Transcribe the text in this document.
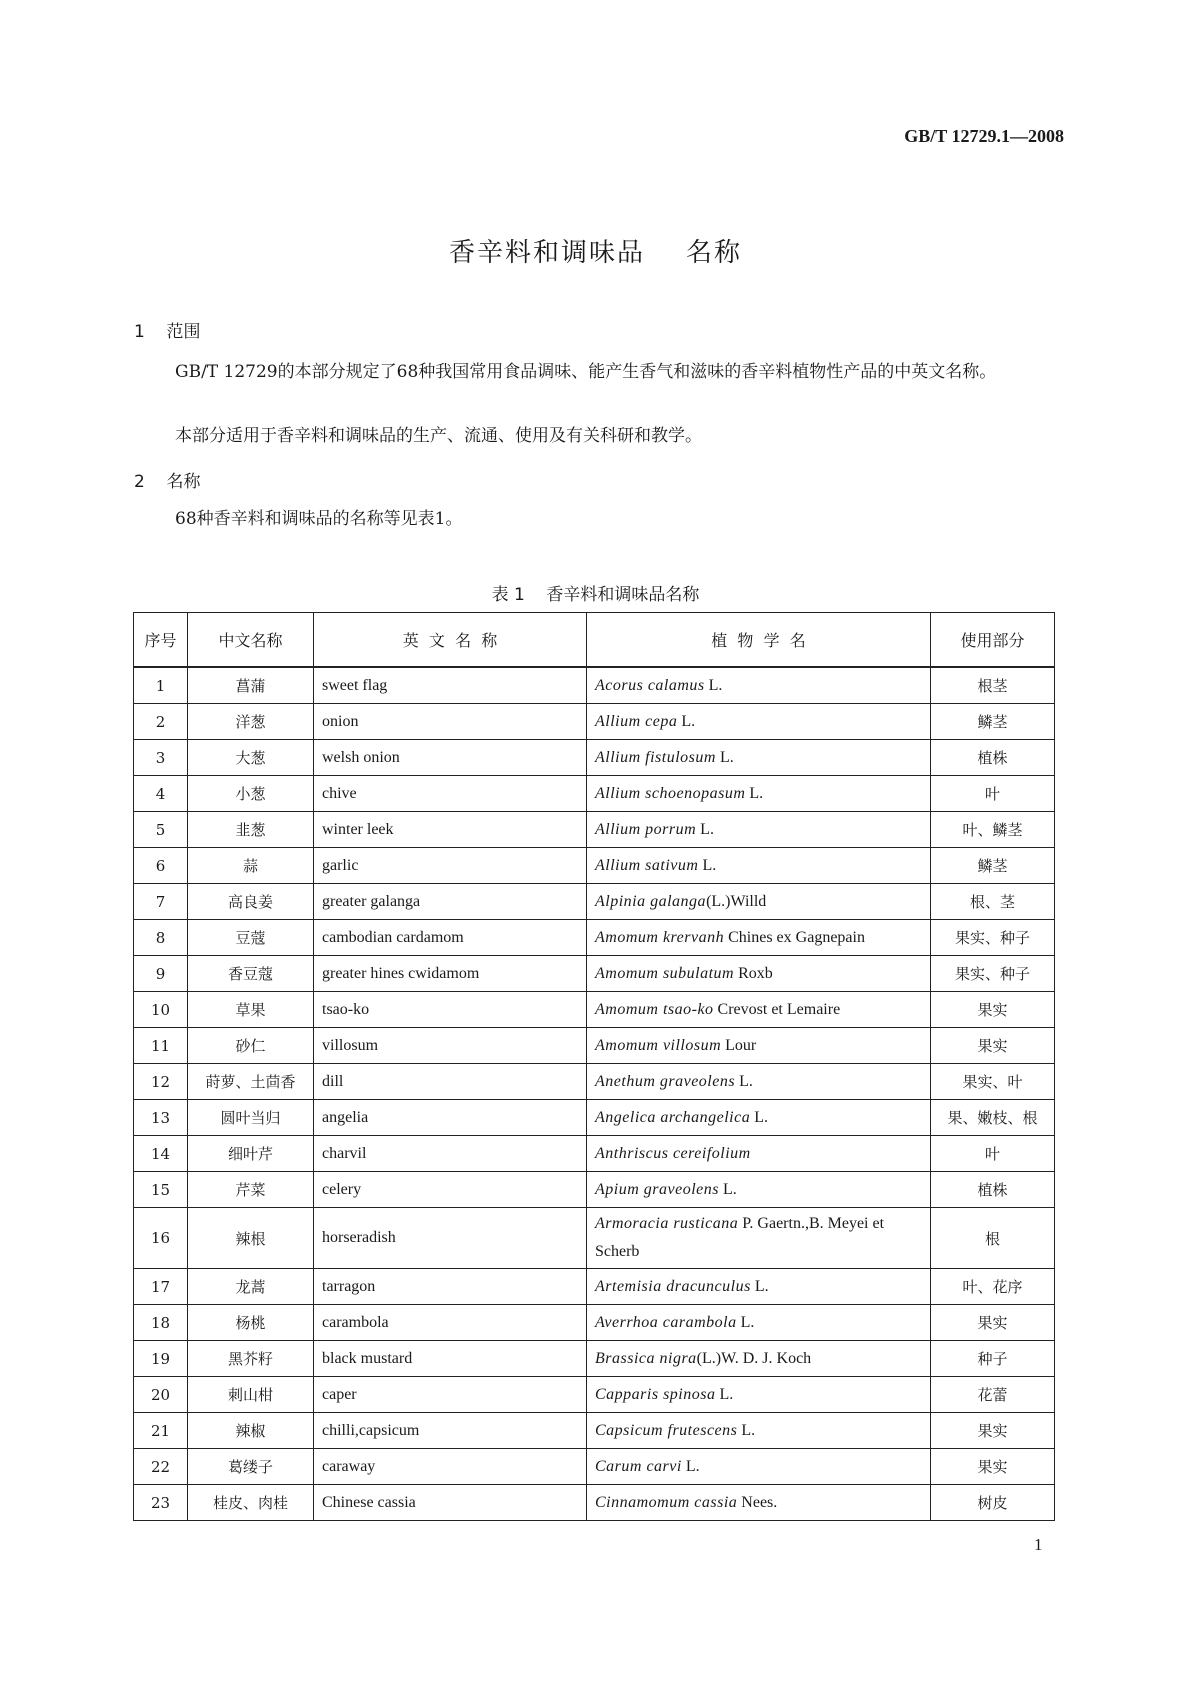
GB/T 12729.1—2008
香辛料和调味品    名称
1 范围
GB/T 12729的本部分规定了68种我国常用食品调味、能产生香气和滋味的香辛料植物性产品的中英文名称。
本部分适用于香辛料和调味品的生产、流通、使用及有关科研和教学。
2 名称
68种香辛料和调味品的名称等见表1。
表 1    香辛料和调味品名称
序号	中文名称	英  文  名  称	植  物  学  名	使用部分
1	菖蒲	sweet flag	Acorus calamus L.	根茎
2	洋葱	onion	Allium cepa L.	鳞茎
3	大葱	welsh onion	Allium fistulosum L.	植株
4	小葱	chive	Allium schoenopasum L.	叶
5	韭葱	winter leek	Allium porrum L.	叶、鳞茎
6	蒜	garlic	Allium sativum L.	鳞茎
7	高良姜	greater galanga	Alpinia galanga(L.)Willd	根、茎
8	豆蔻	cambodian cardamom	Amomum krervanh Chines ex Gagnepain	果实、种子
9	香豆蔻	greater hines cwidamom	Amomum subulatum Roxb	果实、种子
10	草果	tsao-ko	Amomum tsao-ko Crevost et Lemaire	果实
11	砂仁	villosum	Amomum villosum Lour	果实
12	莳萝、土茴香	dill	Anethum graveolens L.	果实、叶
13	圆叶当归	angelia	Angelica archangelica L.	果、嫩枝、根
14	细叶芹	charvil	Anthriscus cereifolium	叶
15	芹菜	celery	Apium graveolens L.	植株
16	辣根	horseradish	Armoracia rusticana P. Gaertn.,B. Meyei et Scherb	根
17	龙蒿	tarragon	Artemisia dracunculus L.	叶、花序
18	杨桃	carambola	Averrhoa carambola L.	果实
19	黑芥籽	black mustard	Brassica nigra(L.)W. D. J. Koch	种子
20	刺山柑	caper	Capparis spinosa L.	花蕾
21	辣椒	chilli,capsicum	Capsicum frutescens L.	果实
22	葛缕子	caraway	Carum carvi L.	果实
23	桂皮、肉桂	Chinese cassia	Cinnamomum cassia Nees.	树皮
1
